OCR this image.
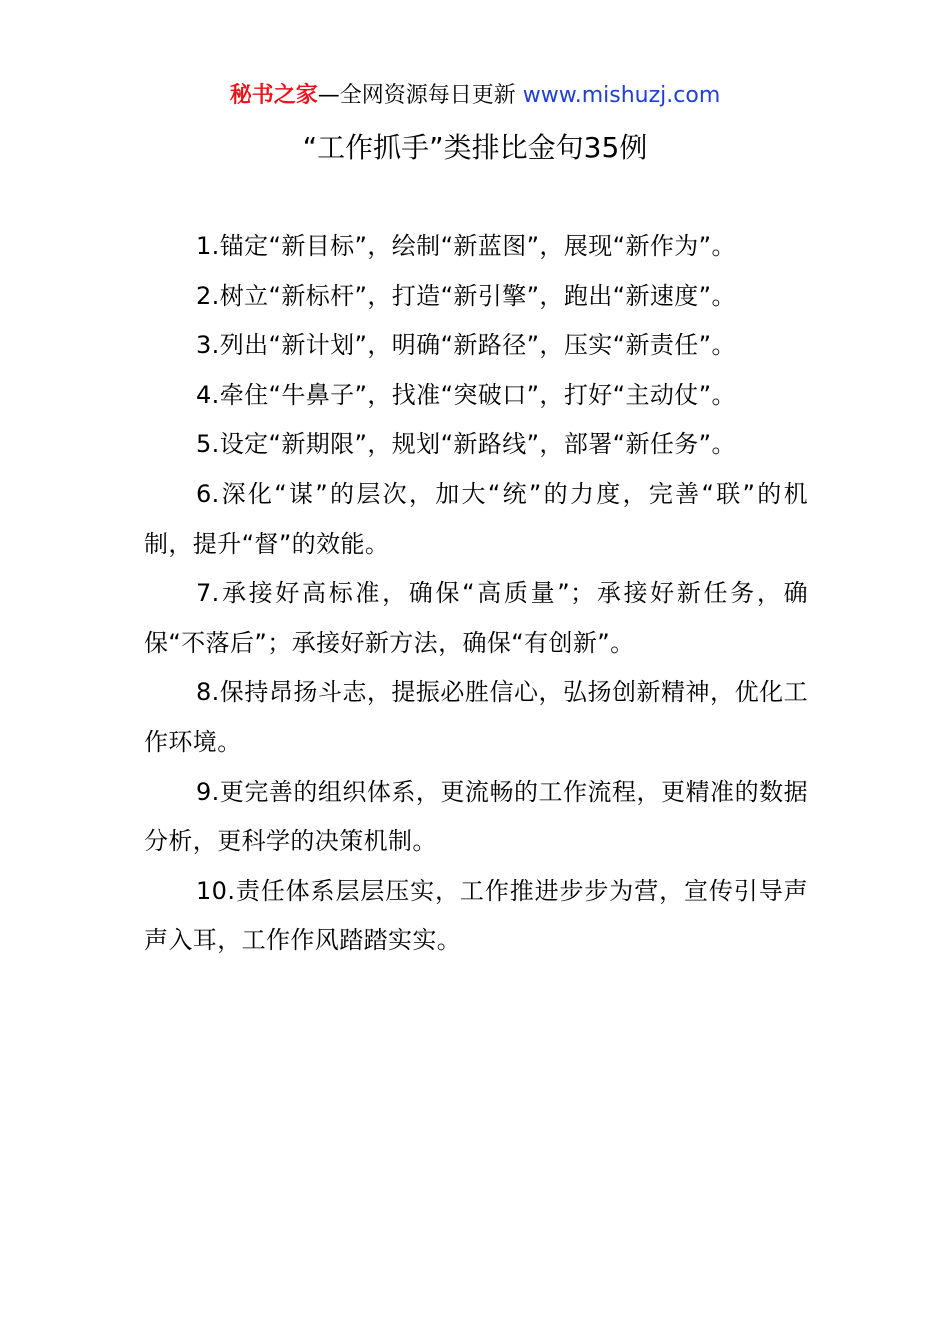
秘书之家—全网资源每日更新 www.mishuzj.com
“工作抓手”类排比金句35例

1.锚定“新目标”，绘制“新蓝图”，展现“新作为”。

2.树立“新标杆”，打造“新引擎”，跑出“新速度”。

3.列出“新计划”，明确“新路径”，压实“新责任”。

4.牵住“牛鼻子”，找准“突破口”，打好“主动仗”。

5.设定“新期限”，规划“新路线”，部署“新任务”。

6.深化“谋”的层次，加大“统”的力度，完善“联”的机制，提升“督”的效能。

7.承接好高标准，确保“高质量”；承接好新任务，确保“不落后”；承接好新方法，确保“有创新”。

8.保持昂扬斗志，提振必胜信心，弘扬创新精神，优化工作环境。

9.更完善的组织体系，更流畅的工作流程，更精准的数据分析，更科学的决策机制。

10.责任体系层层压实，工作推进步步为营，宣传引导声声入耳，工作作风踏踏实实。
